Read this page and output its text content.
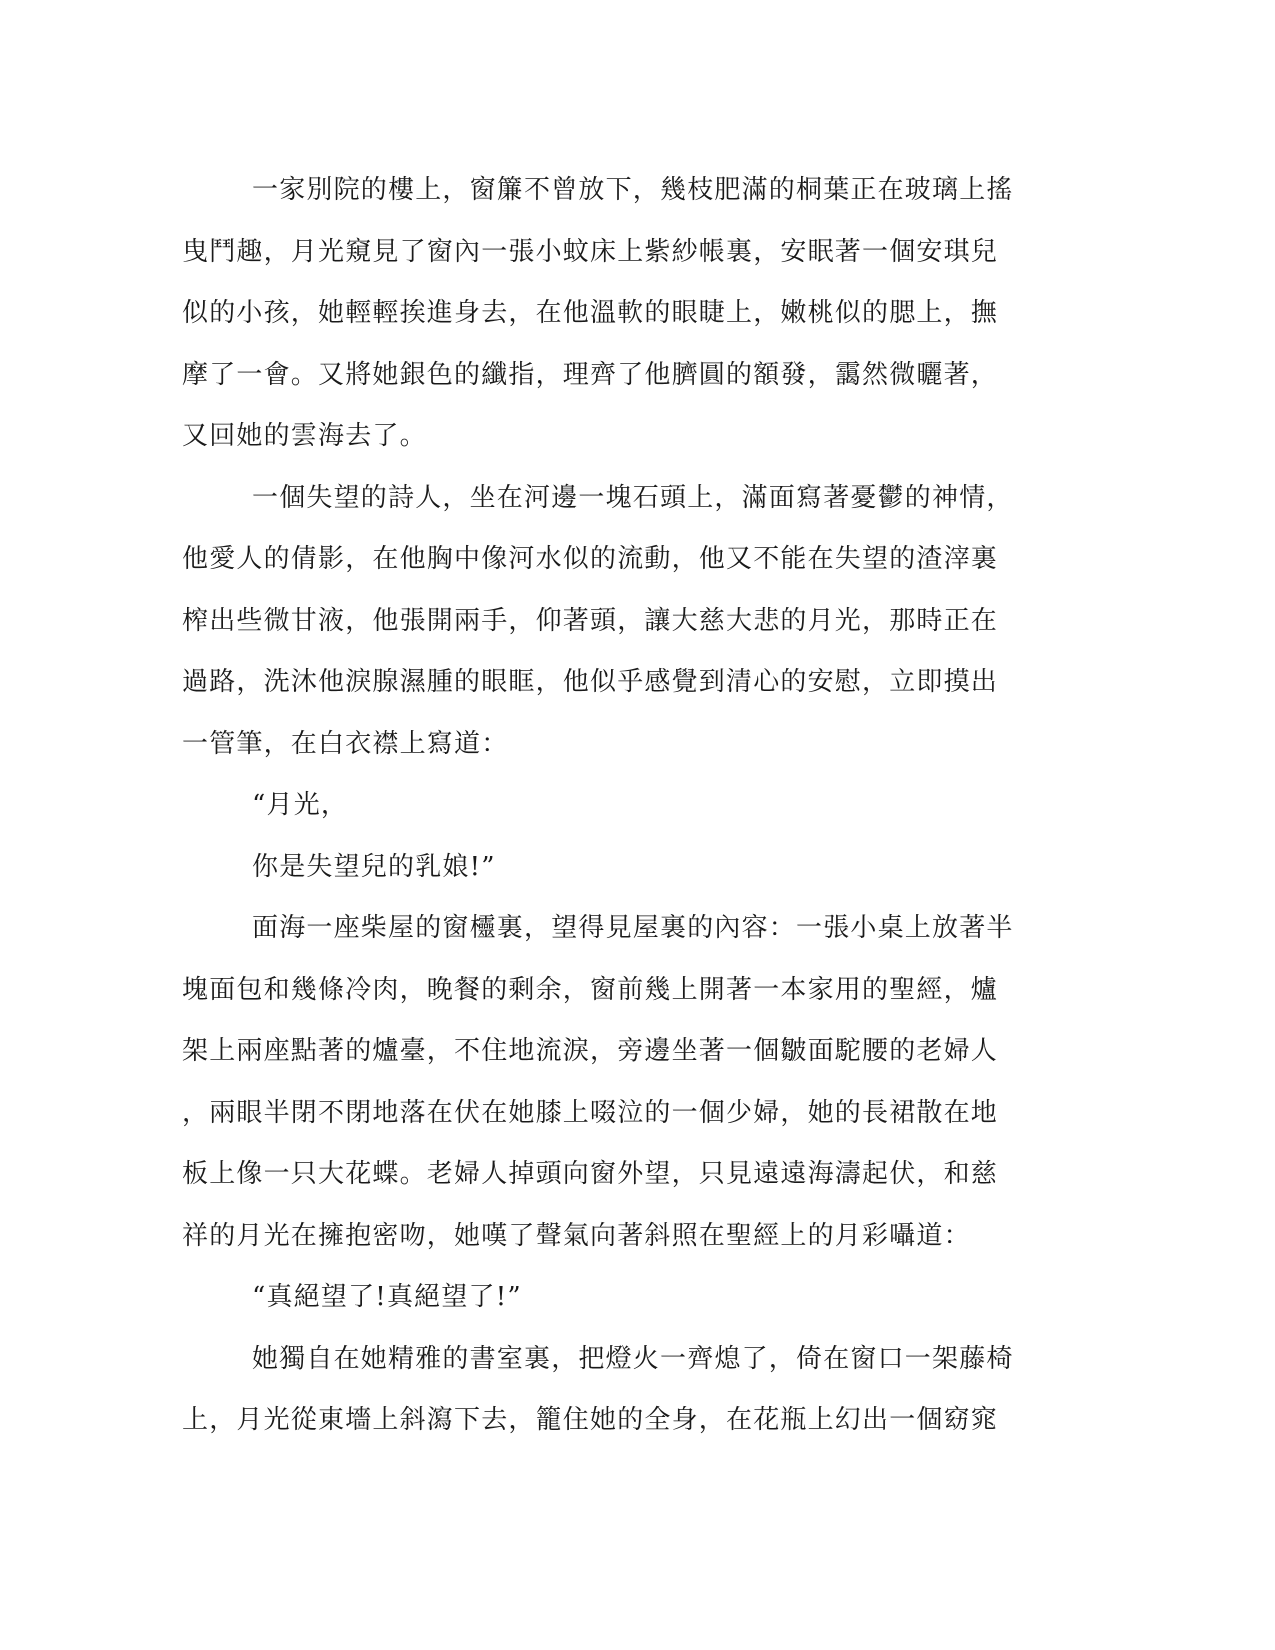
一家別院的樓上，窗簾不曾放下，幾枝肥滿的桐葉正在玻璃上搖
曳鬥趣，月光窺見了窗內一張小蚊床上紫紗帳裏，安眠著一個安琪兒
似的小孩，她輕輕挨進身去，在他溫軟的眼睫上，嫩桃似的腮上，撫
摩了一會。又將她銀色的纖指，理齊了他臍圓的額發，靄然微曬著，
又回她的雲海去了。
一個失望的詩人，坐在河邊一塊石頭上，滿面寫著憂鬱的神情，
他愛人的倩影，在他胸中像河水似的流動，他又不能在失望的渣滓裏
榨出些微甘液，他張開兩手，仰著頭，讓大慈大悲的月光，那時正在
過路，洗沐他淚腺濕腫的眼眶，他似乎感覺到清心的安慰，立即摸出
一管筆，在白衣襟上寫道：
“月光，
你是失望兒的乳娘!”
面海一座柴屋的窗欞裏，望得見屋裏的內容：一張小桌上放著半
塊面包和幾條冷肉，晚餐的剩余，窗前幾上開著一本家用的聖經，爐
架上兩座點著的爐臺，不住地流淚，旁邊坐著一個皺面駝腰的老婦人
，兩眼半閉不閉地落在伏在她膝上啜泣的一個少婦，她的長裙散在地
板上像一只大花蝶。老婦人掉頭向窗外望，只見遠遠海濤起伏，和慈
祥的月光在擁抱密吻，她嘆了聲氣向著斜照在聖經上的月彩囁道：
“真絕望了!真絕望了!”
她獨自在她精雅的書室裏，把燈火一齊熄了，倚在窗口一架藤椅
上，月光從東墻上斜瀉下去，籠住她的全身，在花瓶上幻出一個窈窕
